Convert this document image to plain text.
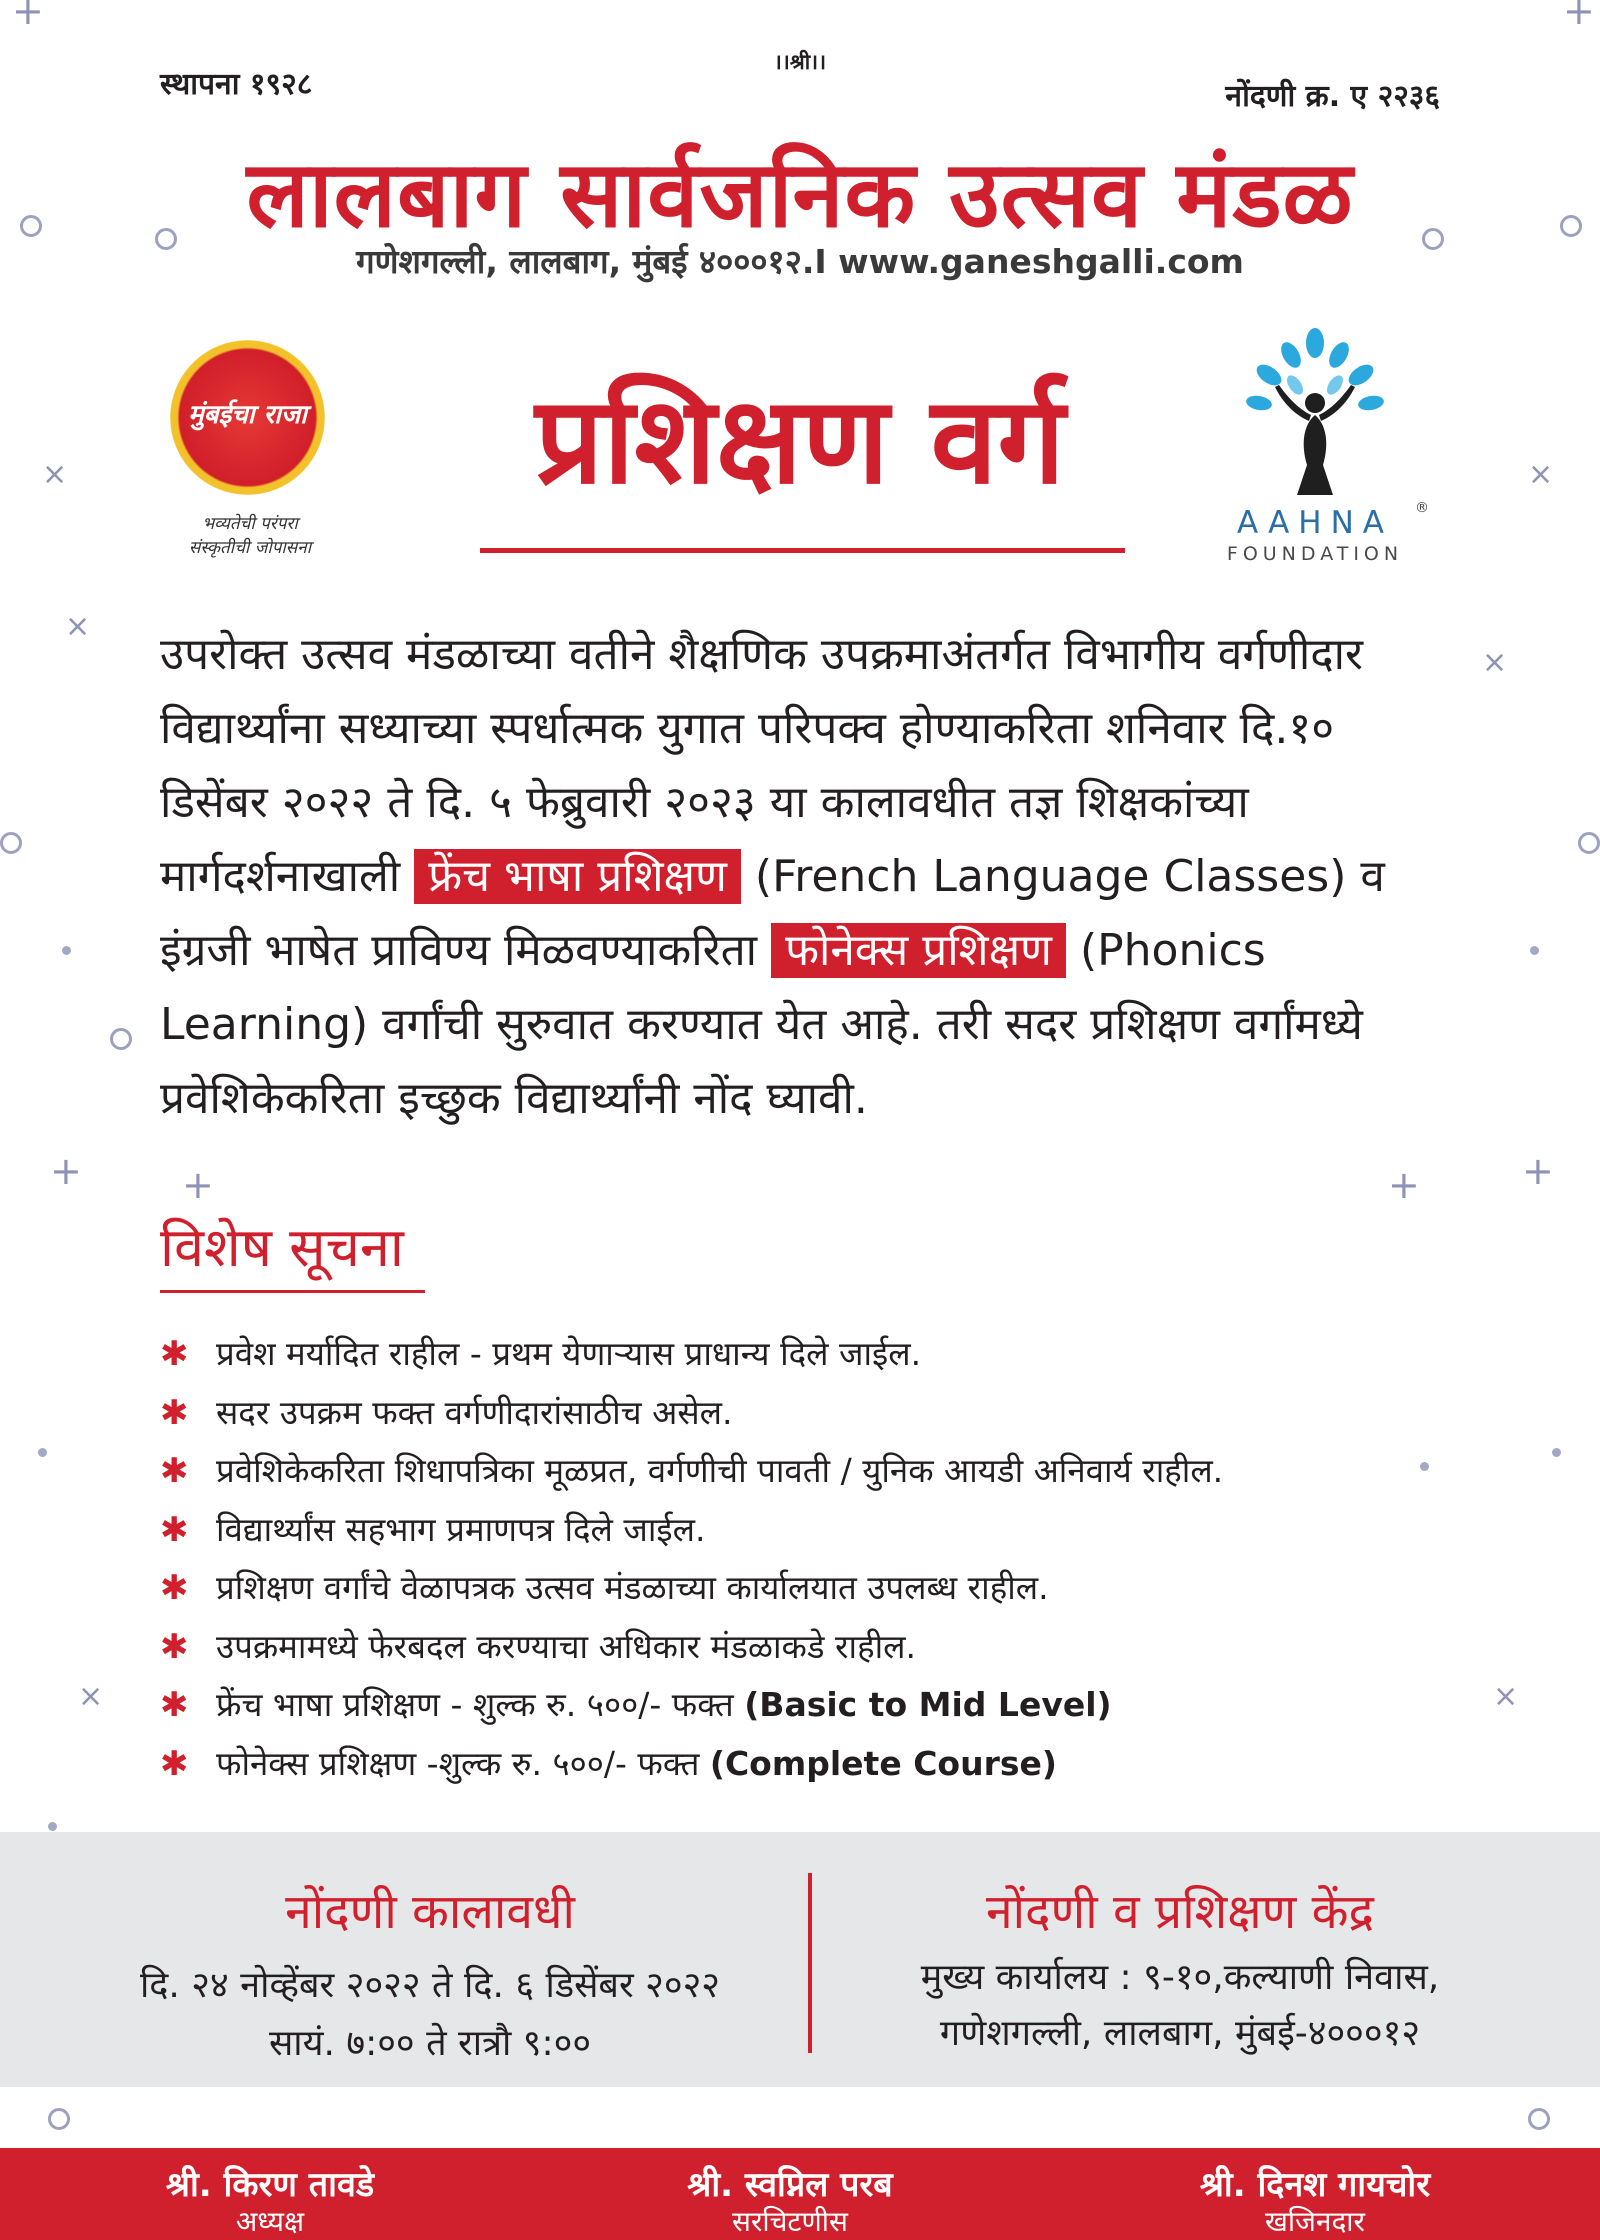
+	+
×	×
×
×
+	+	+	+
×	×
स्थापना १९२८
।।श्री।।
नोंदणी क्र. ए २२३६
लालबाग सार्वजनिक उत्सव मंडळ
गणेशगल्ली, लालबाग, मुंबई ४०००१२.I www.ganeshgalli.com
मुंबईचा राजा
भव्यतेची परंपरा
संस्कृतीची जोपासना
AAHNA	®
FOUNDATION
प्रशिक्षण वर्ग
उपरोक्त उत्सव मंडळाच्या वतीने शैक्षणिक उपक्रमाअंतर्गत विभागीय वर्गणीदार विद्यार्थ्यांना सध्याच्या स्पर्धात्मक युगात परिपक्व होण्याकरिता शनिवार दि.१० डिसेंबर २०२२ ते दि. ५ फेब्रुवारी २०२३ या कालावधीत तज्ञ शिक्षकांच्या मार्गदर्शनाखाली फ्रेंच भाषा प्रशिक्षण (French Language Classes) व इंग्रजी भाषेत प्राविण्य मिळवण्याकरिता फोनेक्स प्रशिक्षण (Phonics Learning) वर्गांची सुरुवात करण्यात येत आहे. तरी सदर प्रशिक्षण वर्गांमध्ये प्रवेशिकेकरिता इच्छुक विद्यार्थ्यांनी नोंद घ्यावी.
विशेष सूचना
✱ प्रवेश मर्यादित राहील - प्रथम येणाऱ्यास प्राधान्य दिले जाईल.
✱ सदर उपक्रम फक्त वर्गणीदारांसाठीच असेल.
✱ प्रवेशिकेकरिता शिधापत्रिका मूळप्रत, वर्गणीची पावती / युनिक आयडी अनिवार्य राहील.
✱ विद्यार्थ्यांस सहभाग प्रमाणपत्र दिले जाईल.
✱ प्रशिक्षण वर्गांचे वेळापत्रक उत्सव मंडळाच्या कार्यालयात उपलब्ध राहील.
✱ उपक्रमामध्ये फेरबदल करण्याचा अधिकार मंडळाकडे राहील.
✱ फ्रेंच भाषा प्रशिक्षण - शुल्क रु. ५००/- फक्त (Basic to Mid Level)
✱ फोनेक्स प्रशिक्षण -शुल्क रु. ५००/- फक्त (Complete Course)
नोंदणी कालावधी
दि. २४ नोव्हेंबर २०२२ ते दि. ६ डिसेंबर २०२२
सायं. ७:०० ते रात्रौ ९:००
नोंदणी व प्रशिक्षण केंद्र
मुख्य कार्यालय : ९-१०,कल्याणी निवास,
गणेशगल्ली, लालबाग, मुंबई-४०००१२
श्री. किरण तावडे
अध्यक्ष
श्री. स्वप्निल परब
सरचिटणीस
श्री. दिनश गायचोर
खजिनदार
